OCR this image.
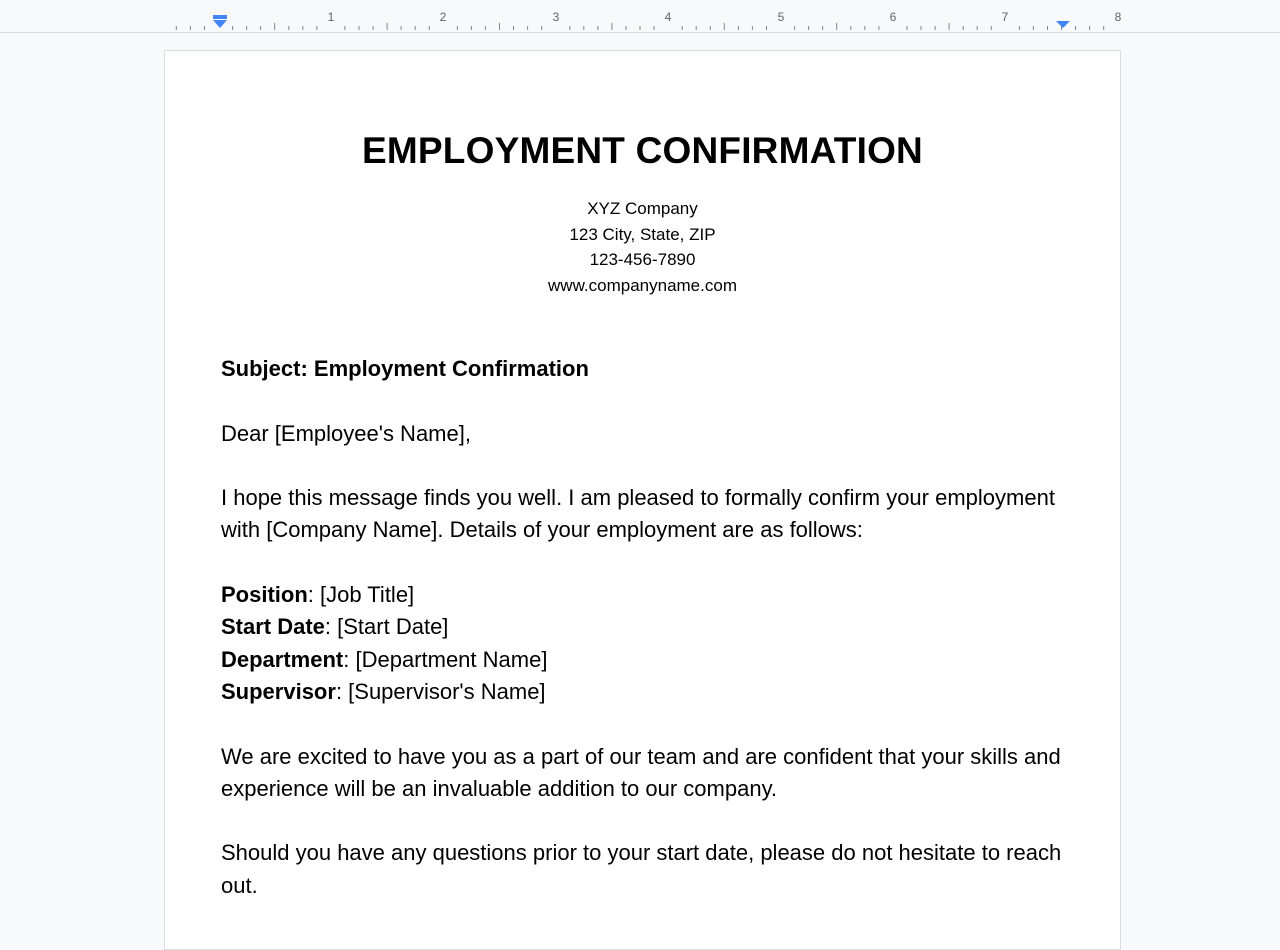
1	2	3	4	5	6	7	8
EMPLOYMENT CONFIRMATION
XYZ Company
123 City, State, ZIP
123-456-7890
www.companyname.com

Subject: Employment Confirmation

Dear [Employee's Name],

I hope this message finds you well. I am pleased to formally confirm your employment with [Company Name]. Details of your employment are as follows:

Position: [Job Title]
Start Date: [Start Date]
Department: [Department Name]
Supervisor: [Supervisor's Name]

We are excited to have you as a part of our team and are confident that your skills and experience will be an invaluable addition to our company.

Should you have any questions prior to your start date, please do not hesitate to reach out.
